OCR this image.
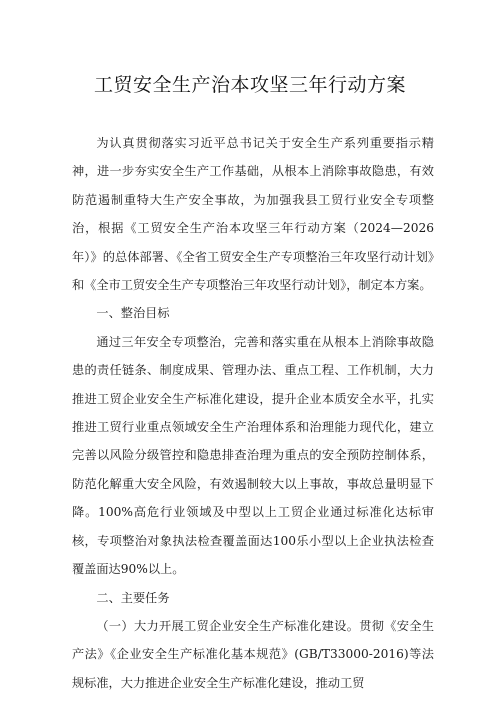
工贸安全生产治本攻坚三年行动方案

为认真贯彻落实习近平总书记关于安全生产系列重要指示精神，进一步夯实安全生产工作基础，从根本上消除事故隐患，有效防范遏制重特大生产安全事故，为加强我县工贸行业安全专项整治，根据《工贸安全生产治本攻坚三年行动方案（2024—2026年）》的总体部署、《全省工贸安全生产专项整治三年攻坚行动计划》和《全市工贸安全生产专项整治三年攻坚行动计划》，制定本方案。

一、整治目标

通过三年安全专项整治，完善和落实重在从根本上消除事故隐患的责任链条、制度成果、管理办法、重点工程、工作机制，大力推进工贸企业安全生产标准化建设，提升企业本质安全水平，扎实推进工贸行业重点领域安全生产治理体系和治理能力现代化，建立完善以风险分级管控和隐患排查治理为重点的安全预防控制体系，防范化解重大安全风险，有效遏制较大以上事故，事故总量明显下降。100%高危行业领域及中型以上工贸企业通过标准化达标审核，专项整治对象执法检查覆盖面达100乐小型以上企业执法检查覆盖面达90%以上。

二、主要任务

（一）大力开展工贸企业安全生产标准化建设。贯彻《安全生产法》《企业安全生产标准化基本规范》(GB/T33000-2016)等法规标准，大力推进企业安全生产标准化建设，推动工贸
